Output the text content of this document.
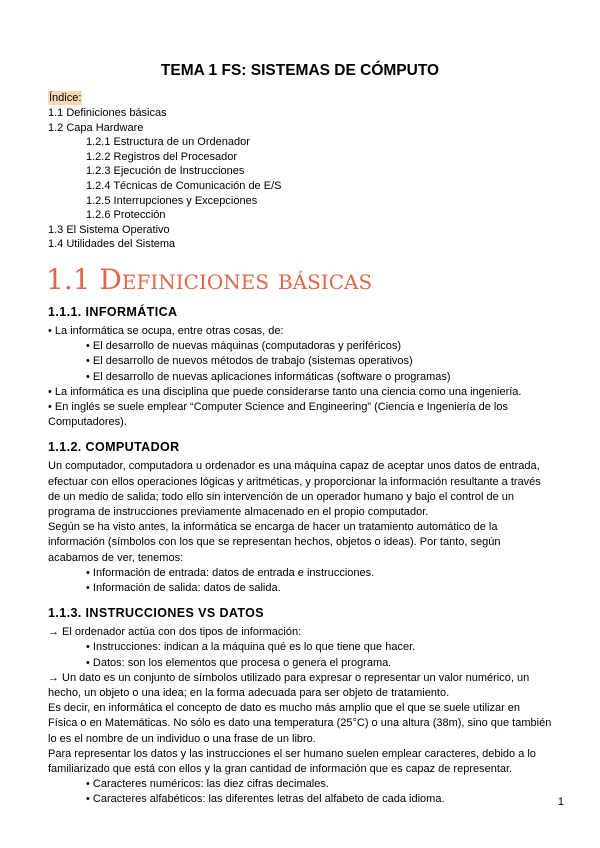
TEMA 1 FS: SISTEMAS DE CÓMPUTO
Índice:
1.1 Definiciones básicas
1.2 Capa Hardware
1.2.1 Estructura de un Ordenador
1.2.2 Registros del Procesador
1.2.3 Ejecución de Instrucciones
1.2.4 Técnicas de Comunicación de E/S
1.2.5 Interrupciones y Excepciones
1.2.6 Protección
1.3 El Sistema Operativo
1.4 Utilidades del Sistema
1.1 Definiciones básicas
1.1.1. INFORMÁTICA

• La informática se ocupa, entre otras cosas, de:

• El desarrollo de nuevas máquinas (computadoras y periféricos)

• El desarrollo de nuevos métodos de trabajo (sistemas operativos)

• El desarrollo de nuevas aplicaciones informáticas (software o programas)

• La informática es una disciplina que puede considerarse tanto una ciencia como una ingeniería.

• En inglés se suele emplear “Computer Science and Engineering” (Ciencia e Ingeniería de los Computadores).

1.1.2. COMPUTADOR

Un computador, computadora u ordenador es una máquina capaz de aceptar unos datos de entrada, efectuar con ellos operaciones lógicas y aritméticas, y proporcionar la información resultante a través de un medio de salida; todo ello sin intervención de un operador humano y bajo el control de un programa de instrucciones previamente almacenado en el propio computador.

Según se ha visto antes, la informática se encarga de hacer un tratamiento automático de la información (símbolos con los que se representan hechos, objetos o ideas). Por tanto, según acabamos de ver, tenemos:

• Información de entrada: datos de entrada e instrucciones.

• Información de salida: datos de salida.

1.1.3. INSTRUCCIONES VS DATOS

→ El ordenador actúa con dos tipos de información:

• Instrucciones: indican a la máquina qué es lo que tiene que hacer.

• Datos: son los elementos que procesa o genera el programa.

→ Un dato es un conjunto de símbolos utilizado para expresar o representar un valor numérico, un hecho, un objeto o una idea; en la forma adecuada para ser objeto de tratamiento.

Es decir, en informática el concepto de dato es mucho más amplio que el que se suele utilizar en Física o en Matemáticas. No sólo es dato una temperatura (25°C) o una altura (38m), sino que también lo es el nombre de un individuo o una frase de un libro.

Para representar los datos y las instrucciones el ser humano suelen emplear caracteres, debido a lo familiarizado que está con ellos y la gran cantidad de información que es capaz de representar.

• Caracteres numéricos: las diez cifras decimales.

• Caracteres alfabéticos: las diferentes letras del alfabeto de cada idioma.	1
